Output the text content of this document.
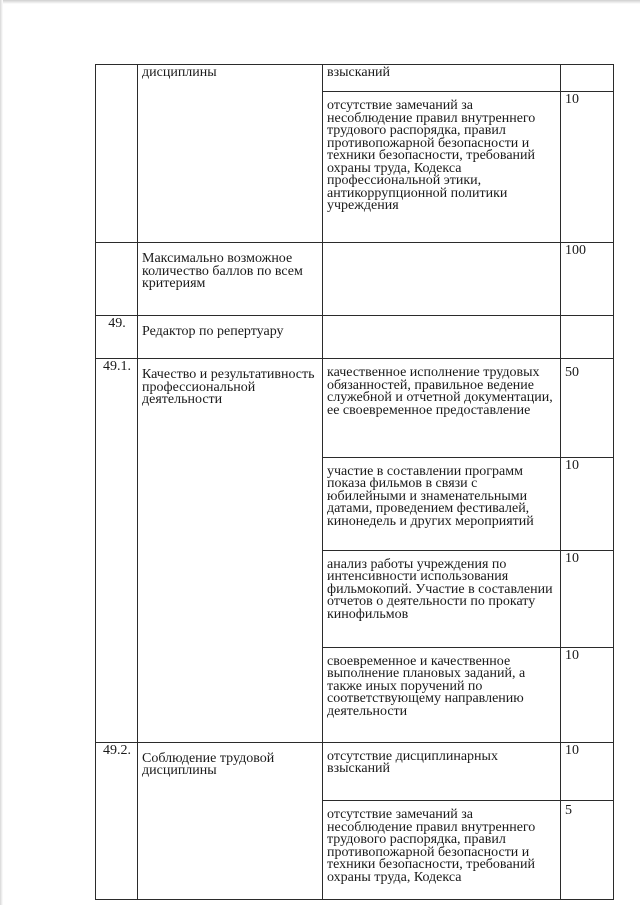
	дисциплины	взысканий	
		отсутствие замечаний за несоблюдение правил внутреннего трудового распорядка, правил противопожарной безопасности и техники безопасности, требований охраны труда, Кодекса профессиональной этики, антикоррупционной политики учреждения	10
	Максимально возможное количество баллов по всем критериям		100
49.	Редактор по репертуару		
49.1.	Качество и результативность профессиональной деятельности	качественное исполнение трудовых обязанностей, правильное ведение служебной и отчетной документации, ее своевременное предоставление	50
		участие в составлении программ показа фильмов в связи с юбилейными и знаменательными датами, проведением фестивалей, кинонедель и других мероприятий	10
		анализ работы учреждения по интенсивности использования фильмокопий. Участие в составлении отчетов о деятельности по прокату кинофильмов	10
		своевременное и качественное выполнение плановых заданий, а также иных поручений по соответствующему направлению деятельности	10
49.2.	Соблюдение трудовой дисциплины	отсутствие дисциплинарных взысканий	10
		отсутствие замечаний за несоблюдение правил внутреннего трудового распорядка, правил противопожарной безопасности и техники безопасности, требований охраны труда, Кодекса	5
